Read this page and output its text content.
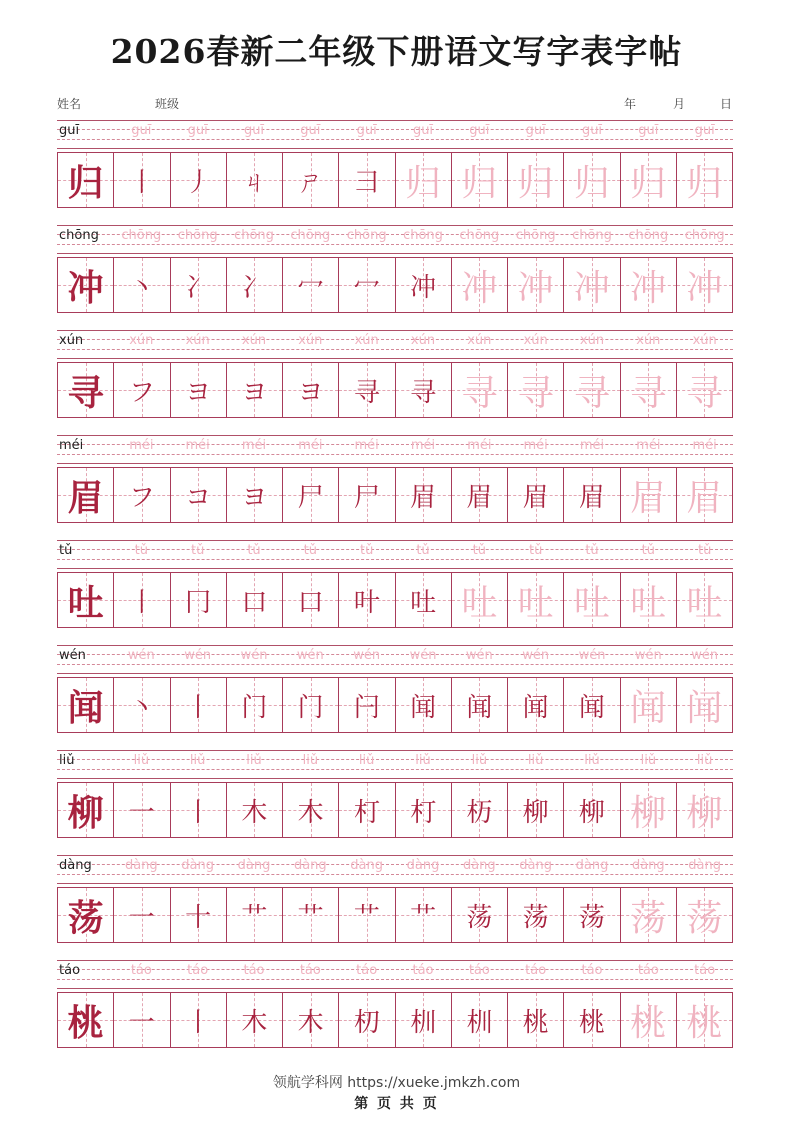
2026春新二年级下册语文写字表字帖
姓名	班级	年	月	日
guī	guī	guī	guī	guī	guī	guī	guī	guī	guī	guī	guī
归 丨	丿	ㄐ	ㄕ	彐 归 归 归 归 归 归
chōng	chōng	chōng	chōng	chōng	chōng	chōng	chōng	chōng	chōng	chōng	chōng
冲 丶	冫	冫	冖	冖	冲 冲 冲 冲 冲 冲
xún	xún	xún	xún	xún	xún	xún	xún	xún	xún	xún	xún
寻 フ	ヨ	ヨ	ヨ	寻	寻 寻 寻 寻 寻 寻
méi	méi	méi	méi	méi	méi	méi	méi	méi	méi	méi	méi
眉 フ	コ	ヨ	尸	尸	眉	眉	眉	眉 眉 眉
tǔ	tǔ	tǔ	tǔ	tǔ	tǔ	tǔ	tǔ	tǔ	tǔ	tǔ	tǔ
吐 丨	冂	口	口	叶	吐 吐 吐 吐 吐 吐
wén	wén	wén	wén	wén	wén	wén	wén	wén	wén	wén	wén
闻 丶	丨	门	门	闩	闻	闻	闻	闻 闻 闻
liǔ	liǔ	liǔ	liǔ	liǔ	liǔ	liǔ	liǔ	liǔ	liǔ	liǔ	liǔ
柳 一	丨	木	木	朾	朾	杤	柳	柳 柳 柳
dàng	dàng	dàng	dàng	dàng	dàng	dàng	dàng	dàng	dàng	dàng	dàng
荡 一	十	艹	艹	艹	艹	荡	荡	荡 荡 荡
táo	táo	táo	táo	táo	táo	táo	táo	táo	táo	táo	táo
桃 一	丨	木	木	朷	杊	杊	桃	桃 桃 桃
领航学科网 https://xueke.jmkzh.com
第 页 共 页
